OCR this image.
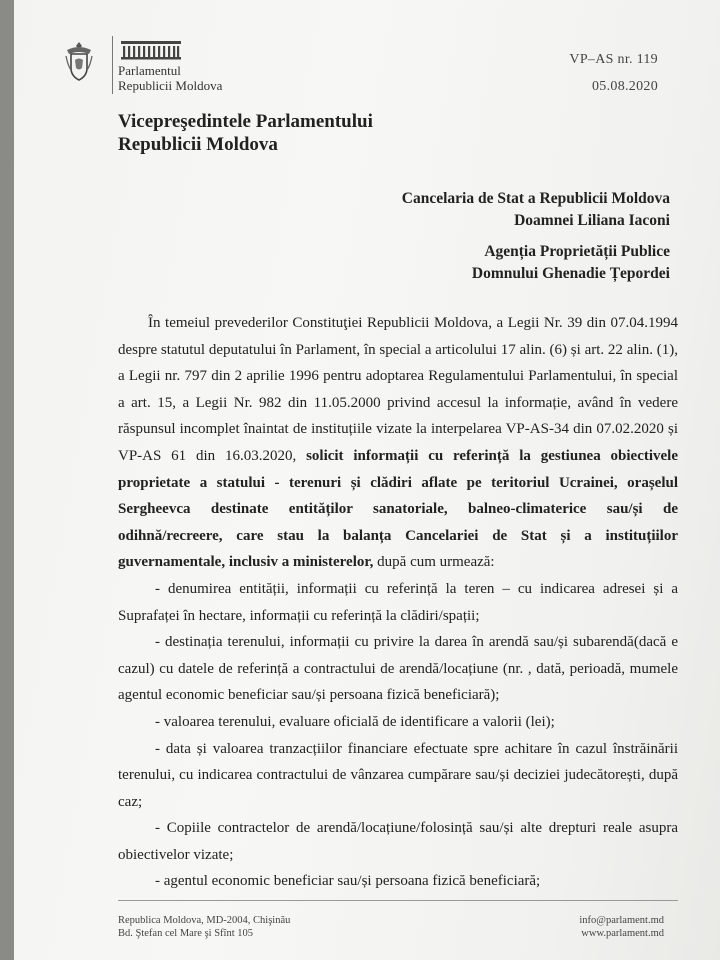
Parlamentul
Republicii Moldova
VP–AS nr. 119
05.08.2020
Vicepreşedintele Parlamentului
Republicii Moldova
Cancelaria de Stat a Republicii Moldova
Doamnei Liliana Iaconi
Agenția Proprietății Publice
Domnului Ghenadie Țepordei

În temeiul prevederilor Constituţiei Republicii Moldova, a Legii Nr. 39 din 07.04.1994 despre statutul deputatului în Parlament, în special a articolului 17 alin. (6) și art. 22 alin. (1), a Legii nr. 797 din 2 aprilie 1996 pentru adoptarea Regulamentului Parlamentului, în special a art. 15, a Legii Nr. 982 din 11.05.2000 privind accesul la informație, având în vedere răspunsul incomplet înaintat de instituțiile vizate la interpelarea VP-AS-34 din 07.02.2020 și VP-AS 61 din 16.03.2020, solicit informații cu referință la gestiunea obiectivele proprietate a statului - terenuri și clădiri aflate pe teritoriul Ucrainei, orașelul Sergheevca destinate entităților sanatoriale, balneo-climaterice sau/și de odihnă/recreere, care stau la balanța Cancelariei de Stat și a instituțiilor guvernamentale, inclusiv a ministerelor, după cum urmează:

- denumirea entității, informații cu referință la teren – cu indicarea adresei și a Suprafaței în hectare, informații cu referință la clădiri/spații;

- destinația terenului, informații cu privire la darea în arendă sau/și subarendă(dacă e cazul) cu datele de referință a contractului de arendă/locațiune (nr. , dată, perioadă, mumele agentul economic beneficiar sau/și persoana fizică beneficiară);

- valoarea terenului, evaluare oficială de identificare a valorii (lei);

- data și valoarea tranzacțiilor financiare efectuate spre achitare în cazul înstrăinării terenului, cu indicarea contractului de vânzarea cumpărare sau/și deciziei judecătorești, după caz;

- Copiile contractelor de arendă/locațiune/folosință sau/și alte drepturi reale asupra obiectivelor vizate;

- agentul economic beneficiar sau/și persoana fizică beneficiară;

Republica Moldova, MD-2004, Chişinău
Bd. Ştefan cel Mare şi Sfînt 105
info@parlament.md
www.parlament.md
